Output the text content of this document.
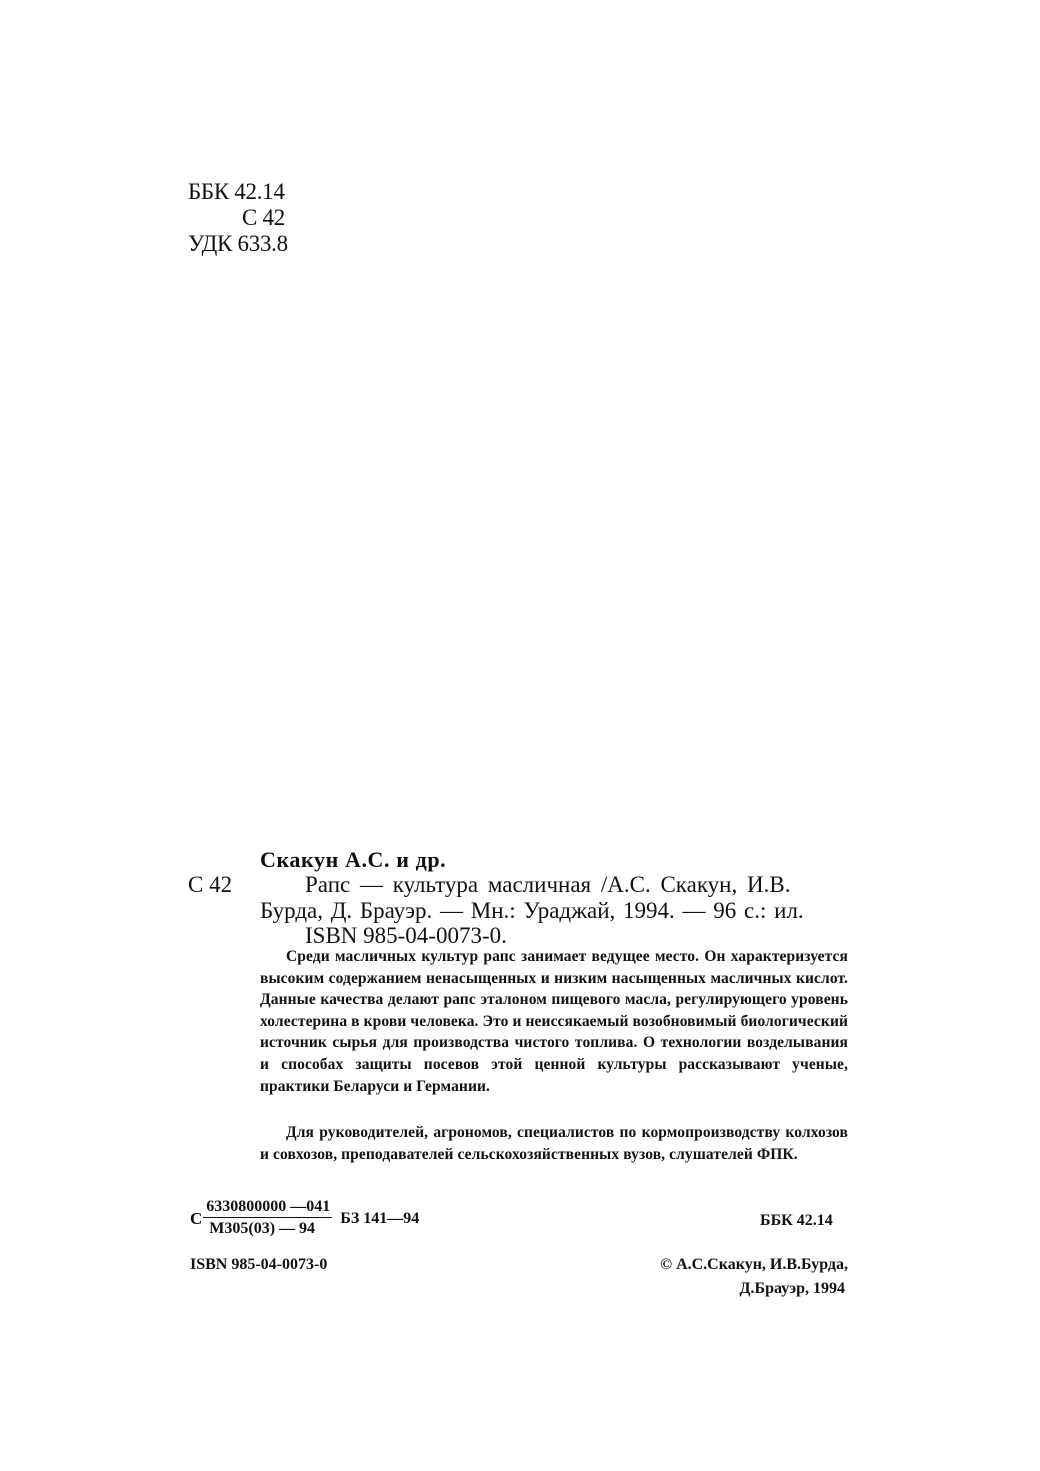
ББК 42.14
С 42
УДК 633.8
Скакун А.С. и др.
С 42	Рапс — культура масличная /А.С. Скакун, И.В.
Бурда, Д. Брауэр. — Мн.: Ураджай, 1994. — 96 с.: ил.
ISBN 985-04-0073-0.
Среди масличных культур рапс занимает ведущее место. Он характеризуется высоким содержанием ненасыщенных и низким насыщенных масличных кислот. Данные качества делают рапс эталоном пищевого масла, регулирующего уровень холестерина в крови человека. Это и неиссякаемый возобновимый биологический источник сырья для производства чистого топлива. О технологии возделывания и способах защиты посевов этой ценной культуры рассказывают ученые, практики Беларуси и Германии.
Для руководителей, агрономов, специалистов по кормопроизводству колхозов и совхозов, преподавателей сельскохозяйственных вузов, слушателей ФПК.
С $\frac{6330800000 —041}{М305(03) — 94}$ БЗ 141—94	ББК 42.14
ISBN 985-04-0073-0	© А.С.Скакун, И.В.Бурда,
Д.Брауэр, 1994
